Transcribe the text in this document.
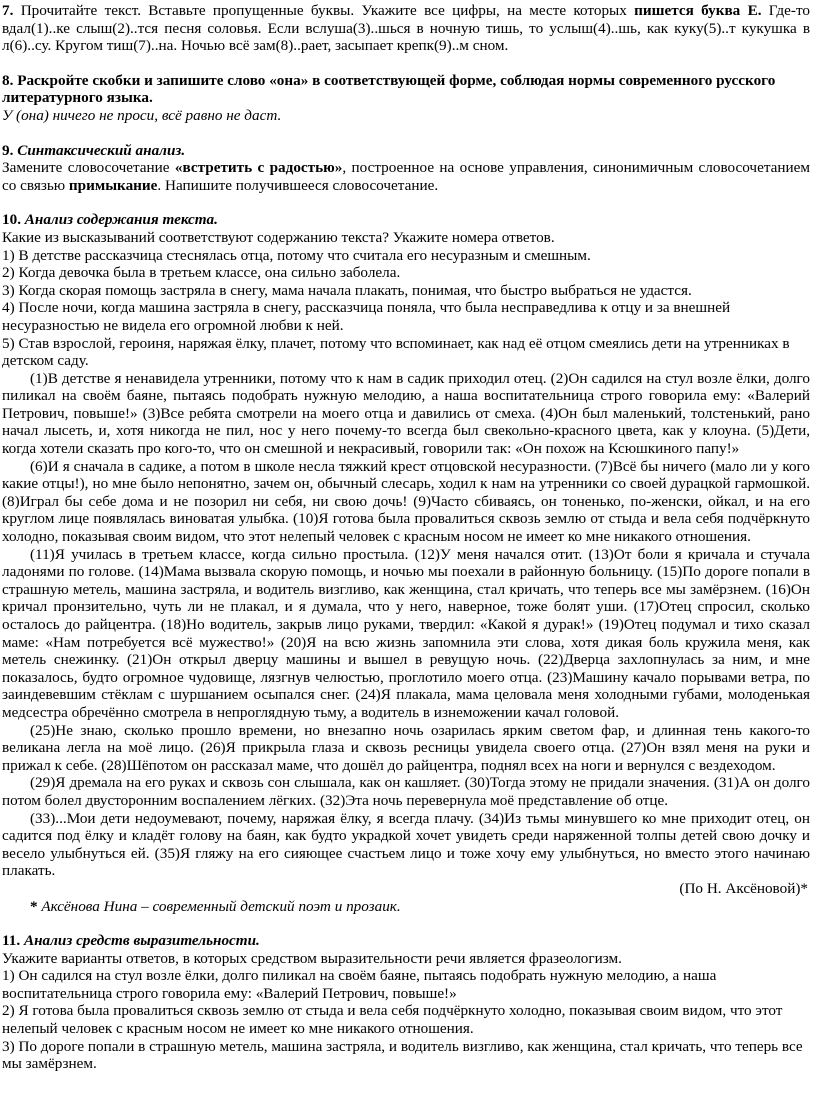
7. Прочитайте текст. Вставьте пропущенные буквы. Укажите все цифры, на месте которых пишется буква Е. Где-то вдал(1)..ке слыш(2)..тся песня соловья. Если вслуша(3)..шься в ночную тишь, то услыш(4)..шь, как куку(5)..т кукушка в л(6)..су. Кругом тиш(7)..на. Ночью всё зам(8)..рает, засыпает крепк(9)..м сном.
8. Раскройте скобки и запишите слово «она» в соответствующей форме, соблюдая нормы современного русского литературного языка.
У (она) ничего не проси, всё равно не даст.
9. Синтаксический анализ.
Замените словосочетание «встретить с радостью», построенное на основе управления, синонимичным словосочетанием со связью примыкание. Напишите получившееся словосочетание.
10. Анализ содержания текста.
Какие из высказываний соответствуют содержанию текста? Укажите номера ответов.
1) В детстве рассказчица стеснялась отца, потому что считала его несуразным и смешным.
2) Когда девочка была в третьем классе, она сильно заболела.
3) Когда скорая помощь застряла в снегу, мама начала плакать, понимая, что быстро выбраться не удастся.
4) После ночи, когда машина застряла в снегу, рассказчица поняла, что была несправедлива к отцу и за внешней несуразностью не видела его огромной любви к ней.
5) Став взрослой, героиня, наряжая ёлку, плачет, потому что вспоминает, как над её отцом смеялись дети на утренниках в детском саду.
(1)В детстве я ненавидела утренники, потому что к нам в садик приходил отец. (2)Он садился на стул возле ёлки, долго пиликал на своём баяне, пытаясь подобрать нужную мелодию, а наша воспитательница строго говорила ему: «Валерий Петрович, повыше!» (3)Все ребята смотрели на моего отца и давились от смеха. (4)Он был маленький, толстенький, рано начал лысеть, и, хотя никогда не пил, нос у него почему-то всегда был свекольно-красного цвета, как у клоуна. (5)Дети, когда хотели сказать про кого-то, что он смешной и некрасивый, говорили так: «Он похож на Ксюшкиного папу!»
(6)И я сначала в садике, а потом в школе несла тяжкий крест отцовской несуразности. (7)Всё бы ничего (мало ли у кого какие отцы!), но мне было непонятно, зачем он, обычный слесарь, ходил к нам на утренники со своей дурацкой гармошкой. (8)Играл бы себе дома и не позорил ни себя, ни свою дочь! (9)Часто сбиваясь, он тоненько, по-женски, ойкал, и на его круглом лице появлялась виноватая улыбка. (10)Я готова была провалиться сквозь землю от стыда и вела себя подчёркнуто холодно, показывая своим видом, что этот нелепый человек с красным носом не имеет ко мне никакого отношения.
(11)Я училась в третьем классе, когда сильно простыла. (12)У меня начался отит. (13)От боли я кричала и стучала ладонями по голове. (14)Мама вызвала скорую помощь, и ночью мы поехали в районную больницу. (15)По дороге попали в страшную метель, машина застряла, и водитель визгливо, как женщина, стал кричать, что теперь все мы замёрзнем. (16)Он кричал пронзительно, чуть ли не плакал, и я думала, что у него, наверное, тоже болят уши. (17)Отец спросил, сколько осталось до райцентра. (18)Но водитель, закрыв лицо руками, твердил: «Какой я дурак!» (19)Отец подумал и тихо сказал маме: «Нам потребуется всё мужество!» (20)Я на всю жизнь запомнила эти слова, хотя дикая боль кружила меня, как метель снежинку. (21)Он открыл дверцу машины и вышел в ревущую ночь. (22)Дверца захлопнулась за ним, и мне показалось, будто огромное чудовище, лязгнув челюстью, проглотило моего отца. (23)Машину качало порывами ветра, по заиндевевшим стёклам с шуршанием осыпался снег. (24)Я плакала, мама целовала меня холодными губами, молоденькая медсестра обречённо смотрела в непроглядную тьму, а водитель в изнеможении качал головой.
(25)Не знаю, сколько прошло времени, но внезапно ночь озарилась ярким светом фар, и длинная тень какого-то великана легла на моё лицо. (26)Я прикрыла глаза и сквозь ресницы увидела своего отца. (27)Он взял меня на руки и прижал к себе. (28)Шёпотом он рассказал маме, что дошёл до райцентра, поднял всех на ноги и вернулся с вездеходом.
(29)Я дремала на его руках и сквозь сон слышала, как он кашляет. (30)Тогда этому не придали значения. (31)А он долго потом болел двусторонним воспалением лёгких. (32)Эта ночь перевернула моё представление об отце.
(33)...Мои дети недоумевают, почему, наряжая ёлку, я всегда плачу. (34)Из тьмы минувшего ко мне приходит отец, он садится под ёлку и кладёт голову на баян, как будто украдкой хочет увидеть среди наряженной толпы детей свою дочку и весело улыбнуться ей. (35)Я гляжу на его сияющее счастьем лицо и тоже хочу ему улыбнуться, но вместо этого начинаю плакать.
(По Н. Аксёновой)*
* Аксёнова Нина – современный детский поэт и прозаик.
11. Анализ средств выразительности.
Укажите варианты ответов, в которых средством выразительности речи является фразеологизм.
1) Он садился на стул возле ёлки, долго пиликал на своём баяне, пытаясь подобрать нужную мелодию, а наша воспитательница строго говорила ему: «Валерий Петрович, повыше!»
2) Я готова была провалиться сквозь землю от стыда и вела себя подчёркнуто холодно, показывая своим видом, что этот нелепый человек с красным носом не имеет ко мне никакого отношения.
3) По дороге попали в страшную метель, машина застряла, и водитель визгливо, как женщина, стал кричать, что теперь все мы замёрзнем.
